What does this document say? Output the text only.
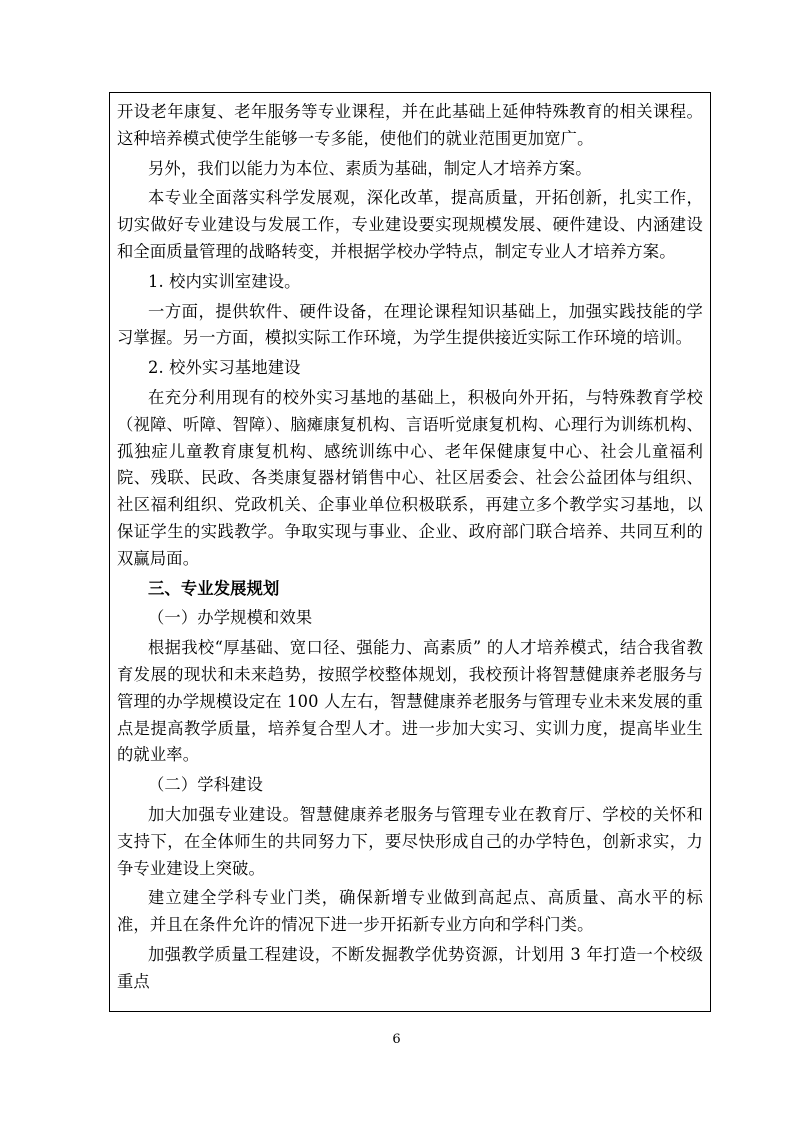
开设老年康复、老年服务等专业课程，并在此基础上延伸特殊教育的相关课程。这种培养模式使学生能够一专多能，使他们的就业范围更加宽广。

另外，我们以能力为本位、素质为基础，制定人才培养方案。

本专业全面落实科学发展观，深化改革，提高质量，开拓创新，扎实工作，切实做好专业建设与发展工作，专业建设要实现规模发展、硬件建设、内涵建设和全面质量管理的战略转变，并根据学校办学特点，制定专业人才培养方案。

1. 校内实训室建设。

一方面，提供软件、硬件设备，在理论课程知识基础上，加强实践技能的学习掌握。另一方面，模拟实际工作环境，为学生提供接近实际工作环境的培训。

2. 校外实习基地建设

在充分利用现有的校外实习基地的基础上，积极向外开拓，与特殊教育学校（视障、听障、智障）、脑瘫康复机构、言语听觉康复机构、心理行为训练机构、孤独症儿童教育康复机构、感统训练中心、老年保健康复中心、社会儿童福利院、残联、民政、各类康复器材销售中心、社区居委会、社会公益团体与组织、社区福利组织、党政机关、企事业单位积极联系，再建立多个教学实习基地，以保证学生的实践教学。争取实现与事业、企业、政府部门联合培养、共同互利的双赢局面。

三、专业发展规划

（一）办学规模和效果

根据我校“厚基础、宽口径、强能力、高素质” 的人才培养模式，结合我省教育发展的现状和未来趋势，按照学校整体规划，我校预计将智慧健康养老服务与管理的办学规模设定在 100 人左右，智慧健康养老服务与管理专业未来发展的重点是提高教学质量，培养复合型人才。进一步加大实习、实训力度，提高毕业生的就业率。

（二）学科建设

加大加强专业建设。智慧健康养老服务与管理专业在教育厅、学校的关怀和支持下，在全体师生的共同努力下，要尽快形成自己的办学特色，创新求实，力争专业建设上突破。

建立建全学科专业门类，确保新增专业做到高起点、高质量、高水平的标准，并且在条件允许的情况下进一步开拓新专业方向和学科门类。

加强教学质量工程建设，不断发掘教学优势资源，计划用 3 年打造一个校级重点

6
